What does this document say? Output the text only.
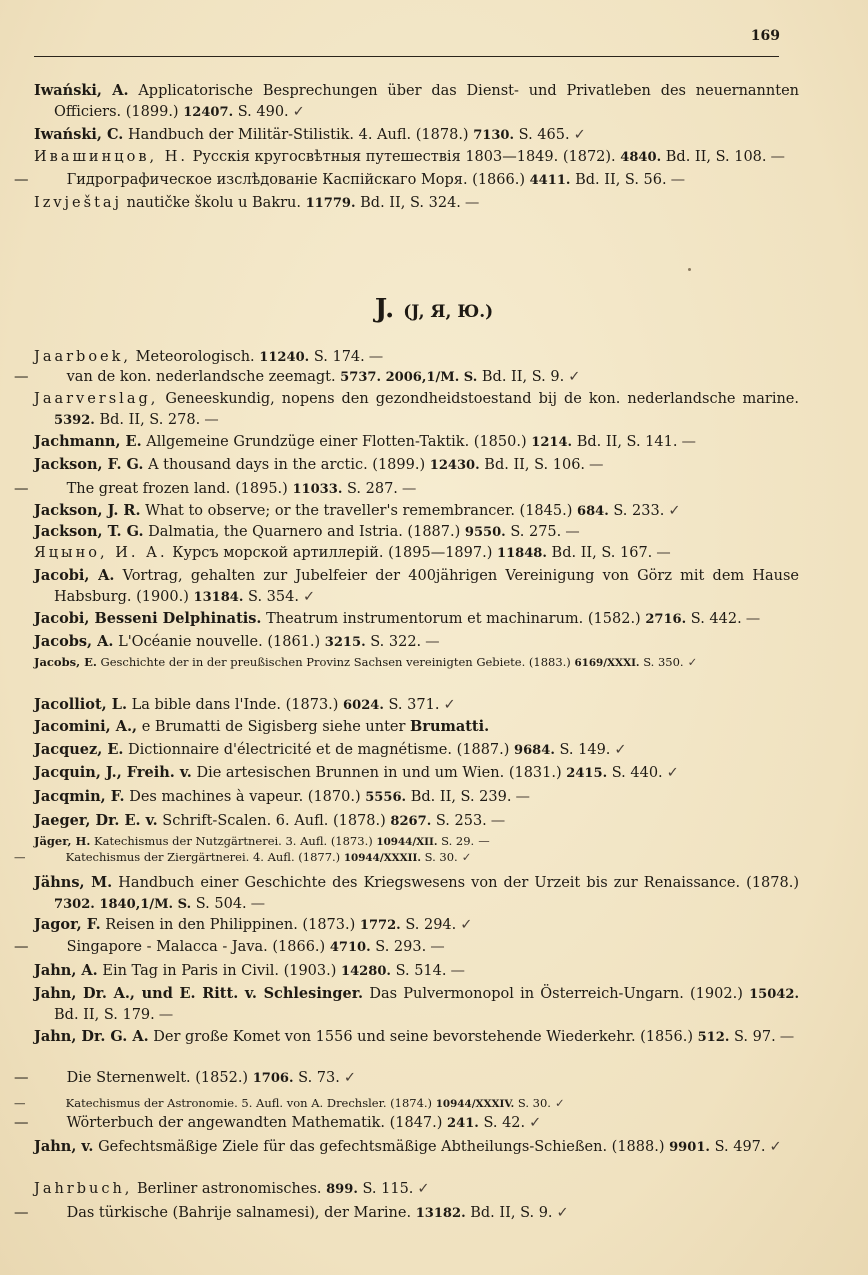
169
J. (J, Я, Ю.)
Iwański, A. Applicatorische Besprechungen über das Dienst- und Privatleben des neuernannten Officiers. (1899.) 12407. S. 490. ✓
Iwański, C. Handbuch der Militär-Stilistik. 4. Aufl. (1878.) 7130. S. 465. ✓
Ивашинцов, Н. Русскія кругосвѣтныя путешествія 1803—1849. (1872). 4840. Bd. II, S. 108. —
—	Гидрографическое изслѣдованіе Каспійскаго Моря. (1866.) 4411. Bd. II, S. 56. —
Izvještaj nautičke školu u Bakru. 11779. Bd. II, S. 324. —
Jaarboek, Meteorologisch. 11240. S. 174. —
—	van de kon. nederlandsche zeemagt. 5737. 2006,1/M. S. Bd. II, S. 9. ✓
Jaarverslag, Geneeskundig, nopens den gezondheidstoestand bij de kon. nederlandsche marine. 5392. Bd. II, S. 278. —
Jachmann, E. Allgemeine Grundzüge einer Flotten-Taktik. (1850.) 1214. Bd. II, S. 141. —
Jackson, F. G. A thousand days in the arctic. (1899.) 12430. Bd. II, S. 106. —
—	The great frozen land. (1895.) 11033. S. 287. —
Jackson, J. R. What to observe; or the traveller's remembrancer. (1845.) 684. S. 233. ✓
Jackson, T. G. Dalmatia, the Quarnero and Istria. (1887.) 9550. S. 275. —
Яцыно, И. А. Курсъ морской артиллерiй. (1895—1897.) 11848. Bd. II, S. 167. —
Jacobi, A. Vortrag, gehalten zur Jubelfeier der 400jährigen Vereinigung von Görz mit dem Hause Habsburg. (1900.) 13184. S. 354. ✓
Jacobi, Besseni Delphinatis. Theatrum instrumentorum et machinarum. (1582.) 2716. S. 442. —
Jacobs, A. L'Océanie nouvelle. (1861.) 3215. S. 322. —
Jacobs, E. Geschichte der in der preußischen Provinz Sachsen vereinigten Gebiete. (1883.) 6169/XXXI. S. 350. ✓
Jacolliot, L. La bible dans l'Inde. (1873.) 6024. S. 371. ✓
Jacomini, A., e Brumatti de Sigisberg siehe unter Brumatti.
Jacquez, E. Dictionnaire d'électricité et de magnétisme. (1887.) 9684. S. 149. ✓
Jacquin, J., Freih. v. Die artesischen Brunnen in und um Wien. (1831.) 2415. S. 440. ✓
Jacqmin, F. Des machines à vapeur. (1870.) 5556. Bd. II, S. 239. —
Jaeger, Dr. E. v. Schrift-Scalen. 6. Aufl. (1878.) 8267. S. 253. —
Jäger, H. Katechismus der Nutzgärtnerei. 3. Aufl. (1873.) 10944/XII. S. 29. —
—	Katechismus der Ziergärtnerei. 4. Aufl. (1877.) 10944/XXXII. S. 30. ✓
Jähns, M. Handbuch einer Geschichte des Kriegswesens von der Urzeit bis zur Renaissance. (1878.) 7302. 1840,1/M. S. S. 504. —
Jagor, F. Reisen in den Philippinen. (1873.) 1772. S. 294. ✓
—	Singapore - Malacca - Java. (1866.) 4710. S. 293. —
Jahn, A. Ein Tag in Paris in Civil. (1903.) 14280. S. 514. —
Jahn, Dr. A., und E. Ritt. v. Schlesinger. Das Pulvermonopol in Österreich-Ungarn. (1902.) 15042. Bd. II, S. 179. —
Jahn, Dr. G. A. Der große Komet von 1556 und seine bevorstehende Wiederkehr. (1856.) 512. S. 97. —
—	Die Sternenwelt. (1852.) 1706. S. 73. ✓
—	Katechismus der Astronomie. 5. Aufl. von A. Drechsler. (1874.) 10944/XXXIV. S. 30. ✓
—	Wörterbuch der angewandten Mathematik. (1847.) 241. S. 42. ✓
Jahn, v. Gefechtsmäßige Ziele für das gefechtsmäßige Abtheilungs-Schießen. (1888.) 9901. S. 497. ✓
Jahrbuch, Berliner astronomisches. 899. S. 115. ✓
—	Das türkische (Bahrije salnamesi), der Marine. 13182. Bd. II, S. 9. ✓
